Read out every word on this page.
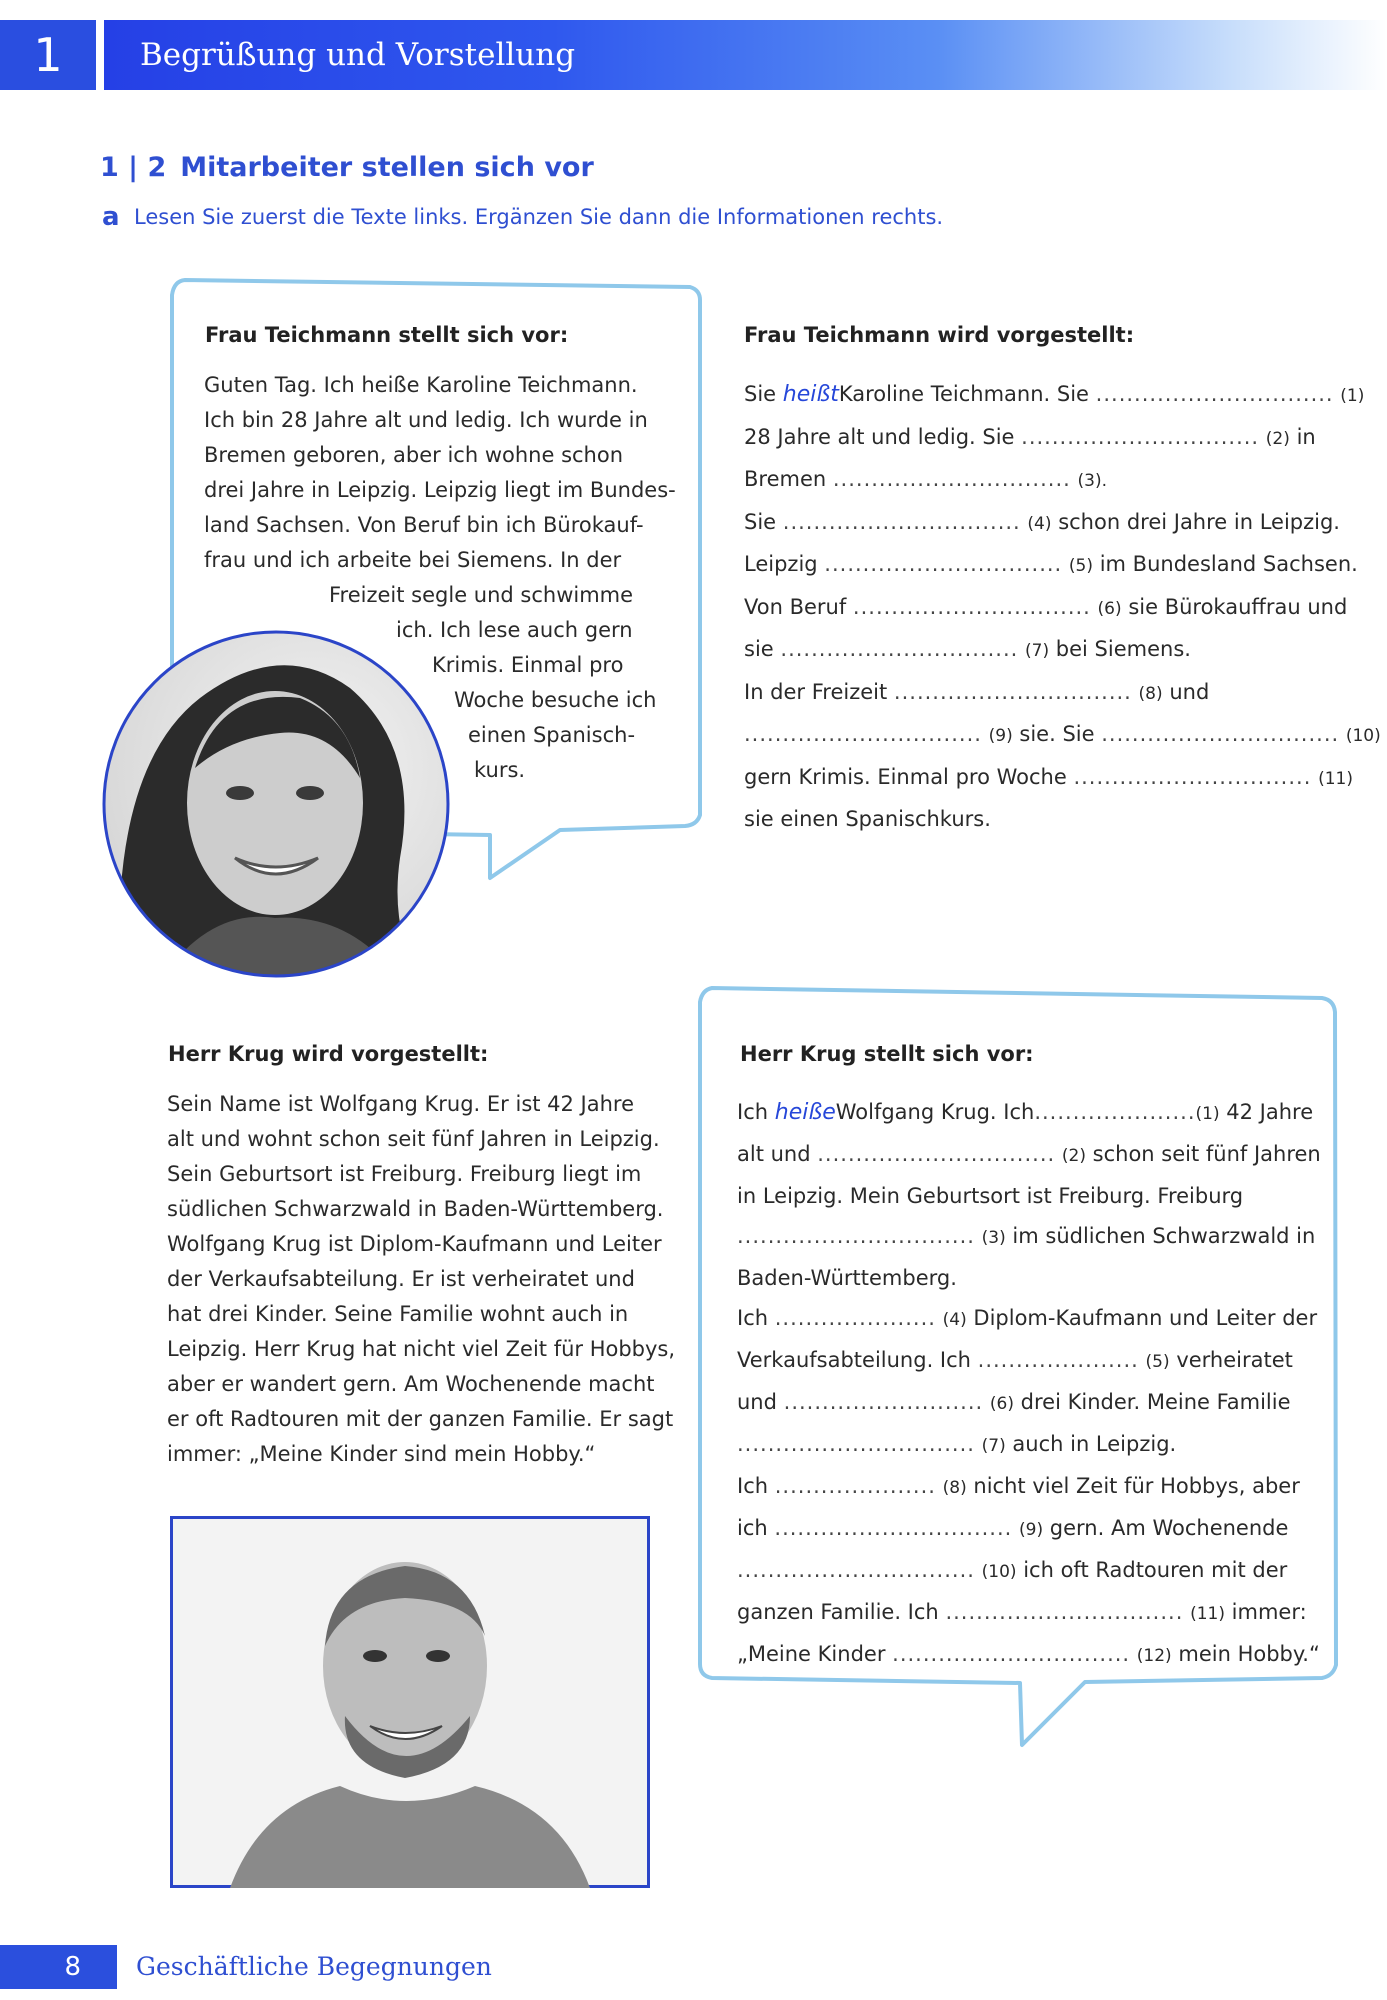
1	Begrüßung und Vorstellung
1 | 2 Mitarbeiter stellen sich vor
a Lesen Sie zuerst die Texte links. Ergänzen Sie dann die Informationen rechts.
Frau Teichmann stellt sich vor:
Guten Tag. Ich heiße Karoline Teichmann.
Ich bin 28 Jahre alt und ledig. Ich wurde in
Bremen geboren, aber ich wohne schon
drei Jahre in Leipzig. Leipzig liegt im Bundes-
land Sachsen. Von Beruf bin ich Bürokauf-
frau und ich arbeite bei Siemens. In der
Freizeit segle und schwimme
ich. Ich lese auch gern
Krimis. Einmal pro
Woche besuche ich
einen Spanisch-
kurs.
Frau Teichmann wird vorgestellt:
Sie heißtKaroline Teichmann. Sie ............................... (1)
28 Jahre alt und ledig. Sie ............................... (2) in
Bremen ............................... (3).
Sie ............................... (4) schon drei Jahre in Leipzig.
Leipzig ............................... (5) im Bundesland Sachsen.
Von Beruf ............................... (6) sie Bürokauffrau und
sie ............................... (7) bei Siemens.
In der Freizeit ............................... (8) und
............................... (9) sie. Sie ............................... (10)
gern Krimis. Einmal pro Woche ............................... (11)
sie einen Spanischkurs.
Herr Krug wird vorgestellt:
Sein Name ist Wolfgang Krug. Er ist 42 Jahre
alt und wohnt schon seit fünf Jahren in Leipzig.
Sein Geburtsort ist Freiburg. Freiburg liegt im
südlichen Schwarzwald in Baden-Württemberg.
Wolfgang Krug ist Diplom-Kaufmann und Leiter
der Verkaufsabteilung. Er ist verheiratet und
hat drei Kinder. Seine Familie wohnt auch in
Leipzig. Herr Krug hat nicht viel Zeit für Hobbys,
aber er wandert gern. Am Wochenende macht
er oft Radtouren mit der ganzen Familie. Er sagt
immer: „Meine Kinder sind mein Hobby.“
Herr Krug stellt sich vor:
Ich heißeWolfgang Krug. Ich.....................(1) 42 Jahre
alt und ............................... (2) schon seit fünf Jahren
in Leipzig. Mein Geburtsort ist Freiburg. Freiburg
............................... (3) im südlichen Schwarzwald in
Baden-Württemberg.
Ich ..................... (4) Diplom-Kaufmann und Leiter der
Verkaufsabteilung. Ich ..................... (5) verheiratet
und .......................... (6) drei Kinder. Meine Familie
............................... (7) auch in Leipzig.
Ich ..................... (8) nicht viel Zeit für Hobbys, aber
ich ............................... (9) gern. Am Wochenende
............................... (10) ich oft Radtouren mit der
ganzen Familie. Ich ............................... (11) immer:
„Meine Kinder ............................... (12) mein Hobby.“
8 Geschäftliche Begegnungen
